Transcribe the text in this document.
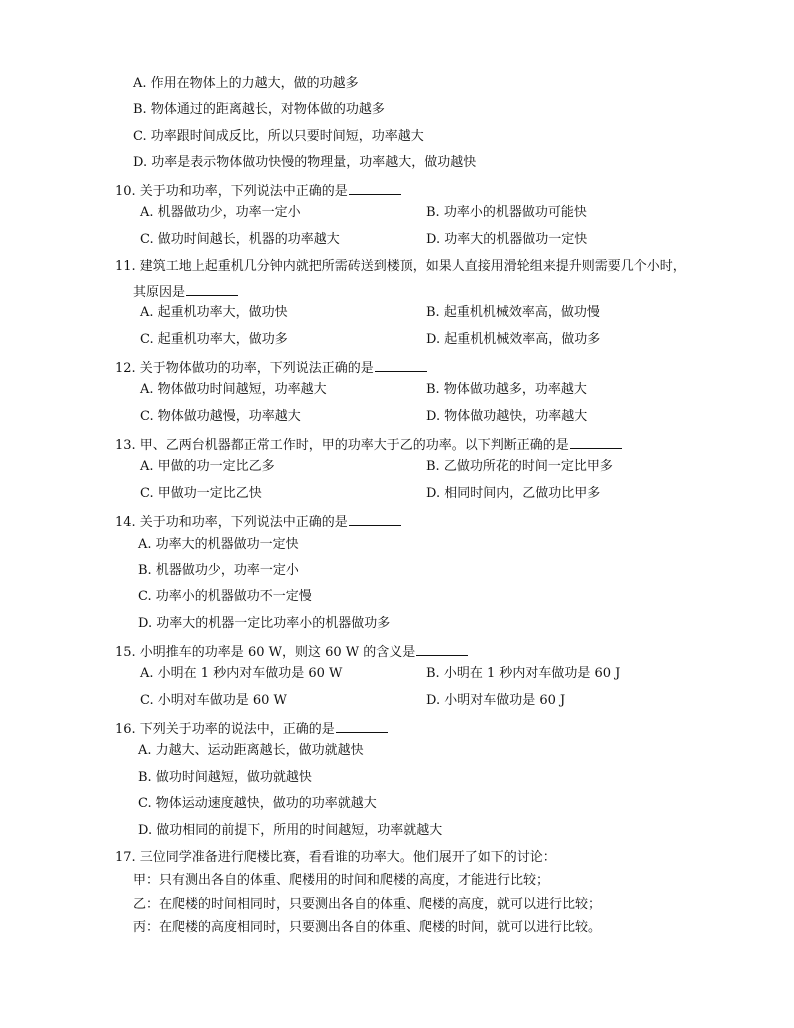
A. 作用在物体上的力越大，做的功越多
B. 物体通过的距离越长，对物体做的功越多
C. 功率跟时间成反比，所以只要时间短，功率越大
D. 功率是表示物体做功快慢的物理量，功率越大，做功越快
10. 关于功和功率，下列说法中正确的是
A. 机器做功少，功率一定小	B. 功率小的机器做功可能快
C. 做功时间越长，机器的功率越大	D. 功率大的机器做功一定快
11. 建筑工地上起重机几分钟内就把所需砖送到楼顶，如果人直接用滑轮组来提升则需要几个小时，
其原因是
A. 起重机功率大，做功快	B. 起重机机械效率高，做功慢
C. 起重机功率大，做功多	D. 起重机机械效率高，做功多
12. 关于物体做功的功率，下列说法正确的是
A. 物体做功时间越短，功率越大	B. 物体做功越多，功率越大
C. 物体做功越慢，功率越大	D. 物体做功越快，功率越大
13. 甲、乙两台机器都正常工作时，甲的功率大于乙的功率。以下判断正确的是
A. 甲做的功一定比乙多	B. 乙做功所花的时间一定比甲多
C. 甲做功一定比乙快	D. 相同时间内，乙做功比甲多
14. 关于功和功率，下列说法中正确的是
A. 功率大的机器做功一定快
B. 机器做功少，功率一定小
C. 功率小的机器做功不一定慢
D. 功率大的机器一定比功率小的机器做功多
15. 小明推车的功率是 60 W，则这 60 W 的含义是
A. 小明在 1 秒内对车做功是 60 W	B. 小明在 1 秒内对车做功是 60 J
C. 小明对车做功是 60 W	D. 小明对车做功是 60 J
16. 下列关于功率的说法中，正确的是
A. 力越大、运动距离越长，做功就越快
B. 做功时间越短，做功就越快
C. 物体运动速度越快，做功的功率就越大
D. 做功相同的前提下，所用的时间越短，功率就越大
17. 三位同学准备进行爬楼比赛，看看谁的功率大。他们展开了如下的讨论：
甲：只有测出各自的体重、爬楼用的时间和爬楼的高度，才能进行比较；
乙：在爬楼的时间相同时，只要测出各自的体重、爬楼的高度，就可以进行比较；
丙：在爬楼的高度相同时，只要测出各自的体重、爬楼的时间，就可以进行比较。
